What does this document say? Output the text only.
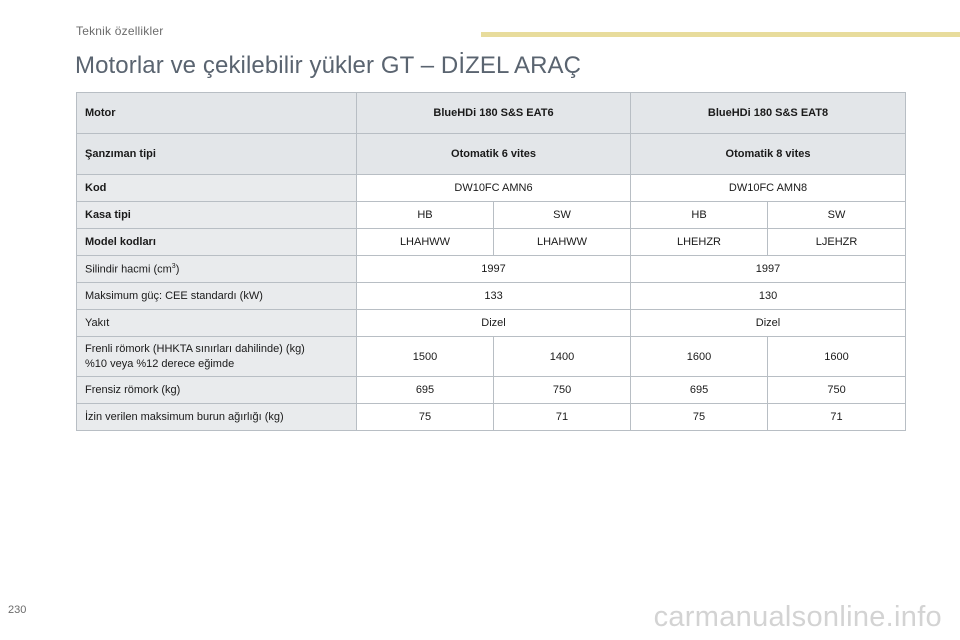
Teknik özellikler
Motorlar ve çekilebilir yükler GT – DİZEL ARAÇ
Motor	BlueHDi 180 S&S EAT6		BlueHDi 180 S&S EAT8	
Şanzıman tipi	Otomatik 6 vites		Otomatik 8 vites	
Kod	DW10FC AMN6		DW10FC AMN8	
Kasa tipi	HB	SW	HB	SW
Model kodları	LHAHWW	LHAHWW	LHEHZR	LJEHZR
Silindir hacmi $(cm^3)$	1997		1997	
Maksimum güç: CEE standardı (kW)	133		130	
Yakıt	Dizel		Dizel	
Frenli römork (HHKTA sınırları dahilinde) (kg)
%10 veya %12 derece eğimde	1500	1400	1600	1600
Frensiz römork (kg)	695	750	695	750
İzin verilen maksimum burun ağırlığı (kg)	75	71	75	71
230	carmanualsonline.info
